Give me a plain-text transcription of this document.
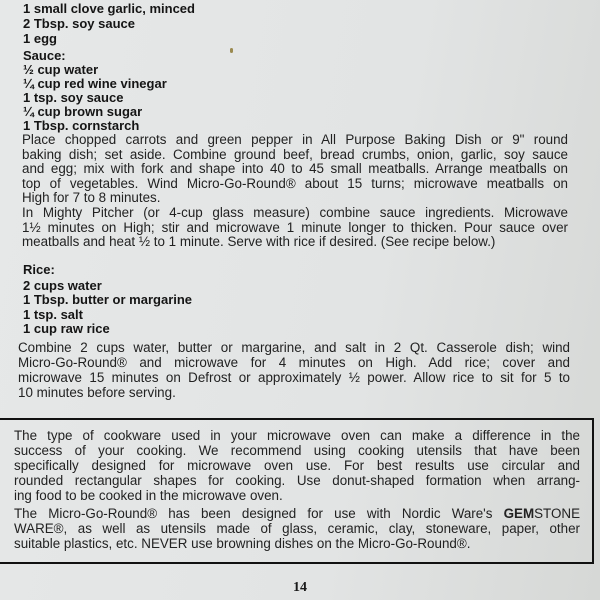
1 small clove garlic, minced
2 Tbsp. soy sauce
1 egg
Sauce:
½ cup water
¼ cup red wine vinegar
1 tsp. soy sauce
¼ cup brown sugar
1 Tbsp. cornstarch
Place chopped carrots and green pepper in All Purpose Baking Dish or 9" round
baking dish; set aside. Combine ground beef, bread crumbs, onion, garlic, soy sauce
and egg; mix with fork and shape into 40 to 45 small meatballs. Arrange meatballs on
top of vegetables. Wind Micro-Go-Round® about 15 turns; microwave meatballs on
High for 7 to 8 minutes.
In Mighty Pitcher (or 4-cup glass measure) combine sauce ingredients. Microwave
1½ minutes on High; stir and microwave 1 minute longer to thicken. Pour sauce over
meatballs and heat ½ to 1 minute. Serve with rice if desired. (See recipe below.)
Rice:
2 cups water
1 Tbsp. butter or margarine
1 tsp. salt
1 cup raw rice
Combine 2 cups water, butter or margarine, and salt in 2 Qt. Casserole dish; wind
Micro-Go-Round® and microwave for 4 minutes on High. Add rice; cover and
microwave 15 minutes on Defrost or approximately ½ power. Allow rice to sit for 5 to
10 minutes before serving.
The type of cookware used in your microwave oven can make a difference in the
success of your cooking. We recommend using cooking utensils that have been
specifically designed for microwave oven use. For best results use circular and
rounded rectangular shapes for cooking. Use donut-shaped formation when arrang-
ing food to be cooked in the microwave oven.
The Micro-Go-Round® has been designed for use with Nordic Ware's GEMSTONE
WARE®, as well as utensils made of glass, ceramic, clay, stoneware, paper, other
suitable plastics, etc. NEVER use browning dishes on the Micro-Go-Round®.
14
